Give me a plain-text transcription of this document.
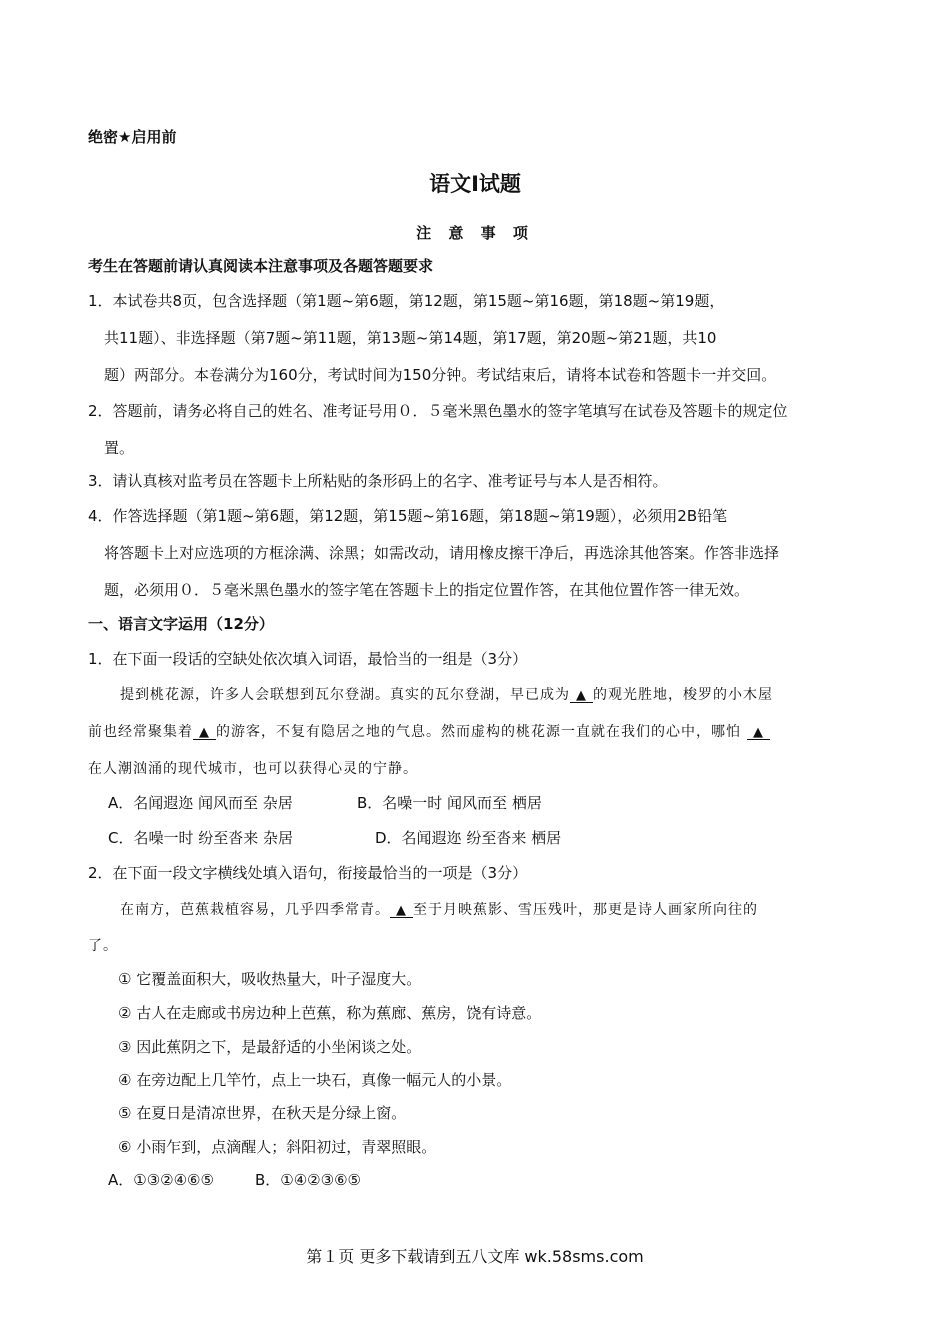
绝密★启用前
语文Ⅰ试题
注 意 事 项
考生在答题前请认真阅读本注意事项及各题答题要求
1．本试卷共8页，包含选择题（第1题~第6题，第12题，第15题~第16题，第18题~第19题，
共11题）、非选择题（第7题~第11题，第13题~第14题，第17题，第20题~第21题，共10
题）两部分。本卷满分为160分，考试时间为150分钟。考试结束后，请将本试卷和答题卡一并交回。
2．答题前，请务必将自己的姓名、准考证号用０．５毫米黑色墨水的签字笔填写在试卷及答题卡的规定位
置。
3．请认真核对监考员在答题卡上所粘贴的条形码上的名字、准考证号与本人是否相符。
4．作答选择题（第1题~第6题，第12题，第15题~第16题，第18题~第19题），必须用2B铅笔
将答题卡上对应选项的方框涂满、涂黑；如需改动，请用橡皮擦干净后，再选涂其他答案。作答非选择
题，必须用０．５毫米黑色墨水的签字笔在答题卡上的指定位置作答，在其他位置作答一律无效。
一、语言文字运用（12分）
1．在下面一段话的空缺处依次填入词语，最恰当的一组是（3分）
提到桃花源，许多人会联想到瓦尔登湖。真实的瓦尔登湖，早已成为 ▲ 的观光胜地，梭罗的小木屋
前也经常聚集着 ▲ 的游客，不复有隐居之地的气息。然而虚构的桃花源一直就在我们的心中，哪怕 ▲
在人潮汹涌的现代城市，也可以获得心灵的宁静。
A．名闻遐迩 闻风而至 杂居	B．名噪一时 闻风而至 栖居
C．名噪一时 纷至沓来 杂居	D．名闻遐迩 纷至沓来 栖居
2．在下面一段文字横线处填入语句，衔接最恰当的一项是（3分）
在南方，芭蕉栽植容易，几乎四季常青。 ▲ 至于月映蕉影、雪压残叶，那更是诗人画家所向往的
了。
① 它覆盖面积大，吸收热量大，叶子湿度大。
② 古人在走廊或书房边种上芭蕉，称为蕉廊、蕉房，饶有诗意。
③ 因此蕉阴之下，是最舒适的小坐闲谈之处。
④ 在旁边配上几竿竹，点上一块石，真像一幅元人的小景。
⑤ 在夏日是清凉世界，在秋天是分绿上窗。
⑥ 小雨乍到，点滴醒人；斜阳初过，青翠照眼。
A．①③②④⑥⑤	B．①④②③⑥⑤
第１页 更多下载请到五八文库 wk.58sms.com
